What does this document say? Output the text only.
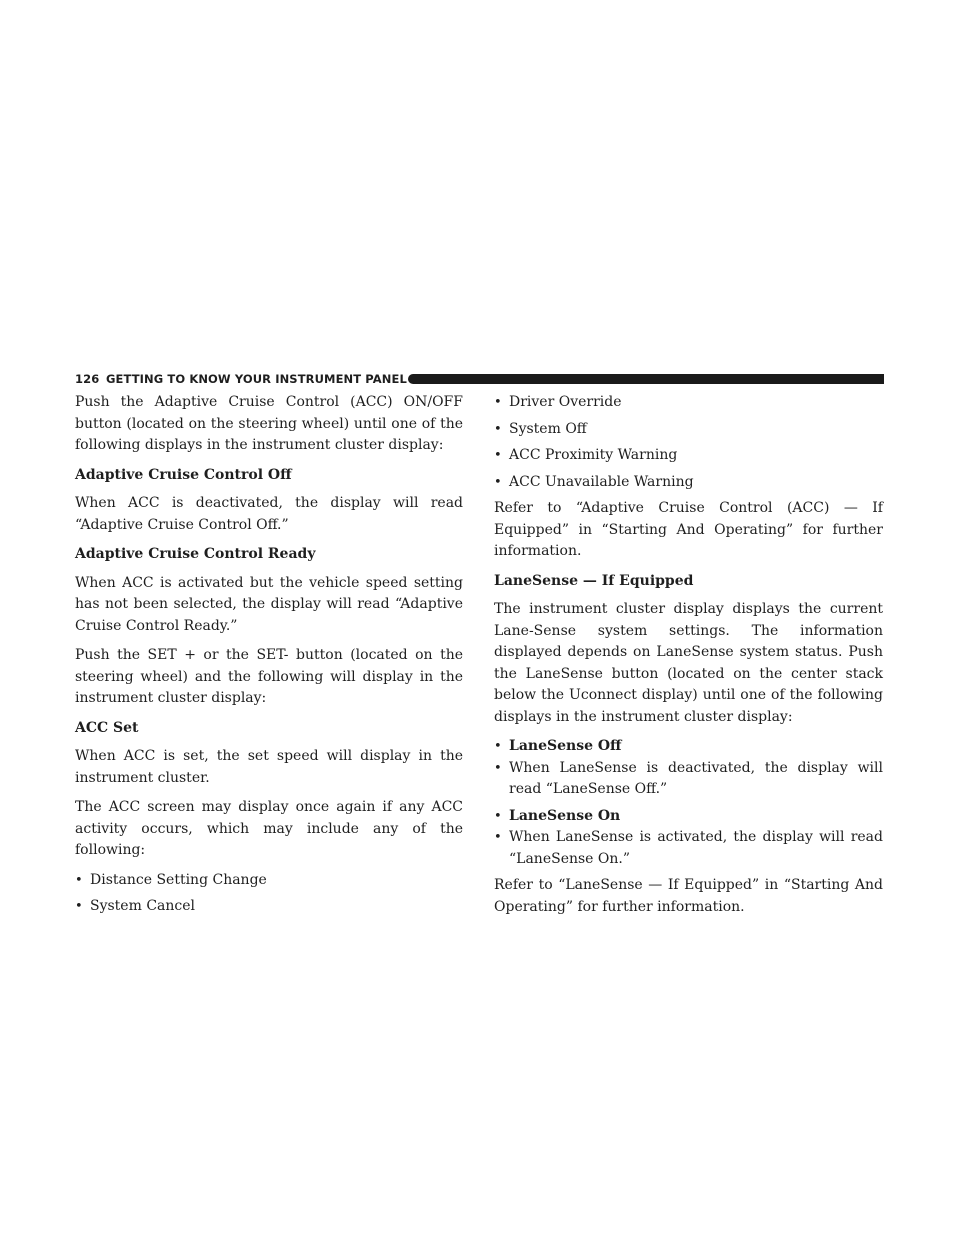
126 GETTING TO KNOW YOUR INSTRUMENT PANEL

Push the Adaptive Cruise Control (ACC) ON/OFF button (located on the steering wheel) until one of the following displays in the instrument cluster display:

Adaptive Cruise Control Off

When ACC is deactivated, the display will read “Adaptive Cruise Control Off.”

Adaptive Cruise Control Ready

When ACC is activated but the vehicle speed setting has not been selected, the display will read “Adaptive Cruise Control Ready.”

Push the SET + or the SET- button (located on the steering wheel) and the following will display in the instrument cluster display:

ACC Set

When ACC is set, the set speed will display in the instrument cluster.

The ACC screen may display once again if any ACC activity occurs, which may include any of the following:

• Distance Setting Change
• System Cancel
• Driver Override
• System Off
• ACC Proximity Warning
• ACC Unavailable Warning

Refer to “Adaptive Cruise Control (ACC) — If Equipped” in “Starting And Operating” for further information.

LaneSense — If Equipped

The instrument cluster display displays the current Lane-Sense system settings. The information displayed depends on LaneSense system status. Push the LaneSense button (located on the center stack below the Uconnect display) until one of the following displays in the instrument cluster display:

• LaneSense Off
• When LaneSense is deactivated, the display will read “LaneSense Off.”
• LaneSense On
• When LaneSense is activated, the display will read “LaneSense On.”

Refer to “LaneSense — If Equipped” in “Starting And Operating” for further information.
